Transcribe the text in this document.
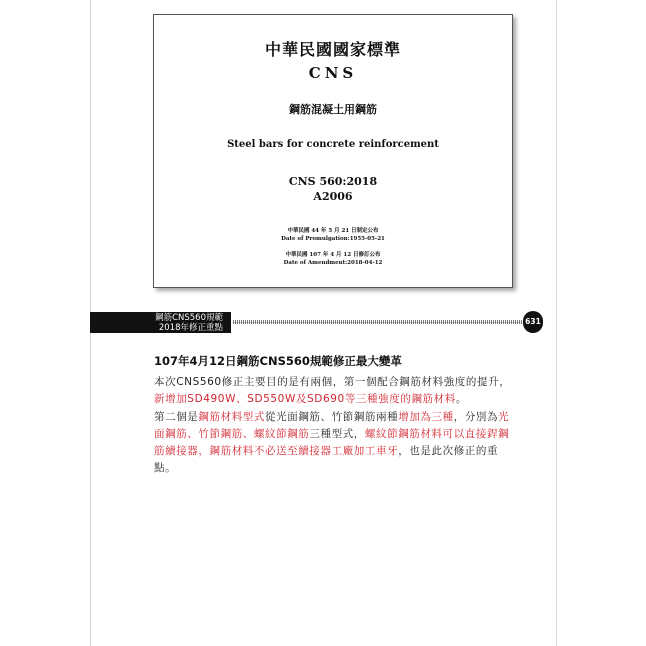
中華民國國家標準
CNS
鋼筋混凝土用鋼筋
Steel bars for concrete reinforcement
CNS 560:2018
A2006
中華民國 44 年 5 月 21 日制定公布
Date of Promulgation:1955-05-21
中華民國 107 年 4 月 12 日修訂公布
Date of Amendment:2018-04-12
鋼筋CNS560規範
2018年修正重點
631
107年4月12日鋼筋CNS560規範修正最大變革
本次CNS560修正主要目的是有兩個，第一個配合鋼筋材料強度的提升，新增加SD490W、SD550W及SD690等三種強度的鋼筋材料。
第二個是鋼筋材料型式從光面鋼筋、竹節鋼筋兩種增加為三種，分別為光面鋼筋、竹節鋼筋、螺紋節鋼筋三種型式，螺紋節鋼筋材料可以直接銲鋼筋續接器，鋼筋材料不必送至續接器工廠加工車牙，也是此次修正的重點。
